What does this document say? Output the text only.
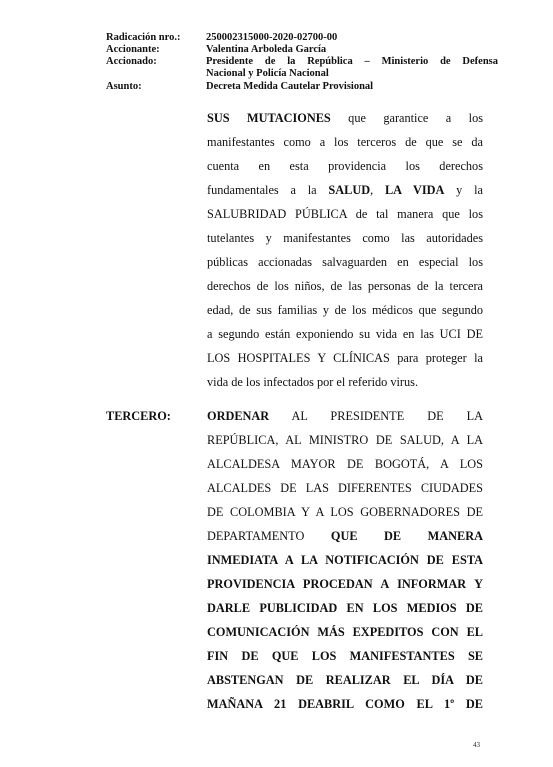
Radicación nro.: 250002315000-2020-02700-00
Accionante:	Valentina Arboleda García
Accionado:	Presidente de la República – Ministerio de Defensa
Nacional y Policía Nacional
Asunto:	Decreta Medida Cautelar Provisional
SUS MUTACIONES que garantice a los
manifestantes como a los terceros de que se da
cuenta en esta providencia los derechos
fundamentales a la SALUD, LA VIDA y la
SALUBRIDAD PÚBLICA de tal manera que los
tutelantes y manifestantes como las autoridades
públicas accionadas salvaguarden en especial los
derechos de los niños, de las personas de la tercera
edad, de sus familias y de los médicos que segundo
a segundo están exponiendo su vida en las UCI DE
LOS HOSPITALES Y CLÍNICAS para proteger la
vida de los infectados por el referido virus.
TERCERO:	ORDENAR AL PRESIDENTE DE LA
REPÚBLICA, AL MINISTRO DE SALUD, A LA
ALCALDESA MAYOR DE BOGOTÁ, A LOS
ALCALDES DE LAS DIFERENTES CIUDADES
DE COLOMBIA Y A LOS GOBERNADORES DE
DEPARTAMENTO QUE DE MANERA
INMEDIATA A LA NOTIFICACIÓN DE ESTA
PROVIDENCIA PROCEDAN A INFORMAR Y
DARLE PUBLICIDAD EN LOS MEDIOS DE
COMUNICACIÓN MÁS EXPEDITOS CON EL
FIN DE QUE LOS MANIFESTANTES SE
ABSTENGAN DE REALIZAR EL DÍA DE
MAÑANA 21 DEABRIL COMO EL 1º DE
43
